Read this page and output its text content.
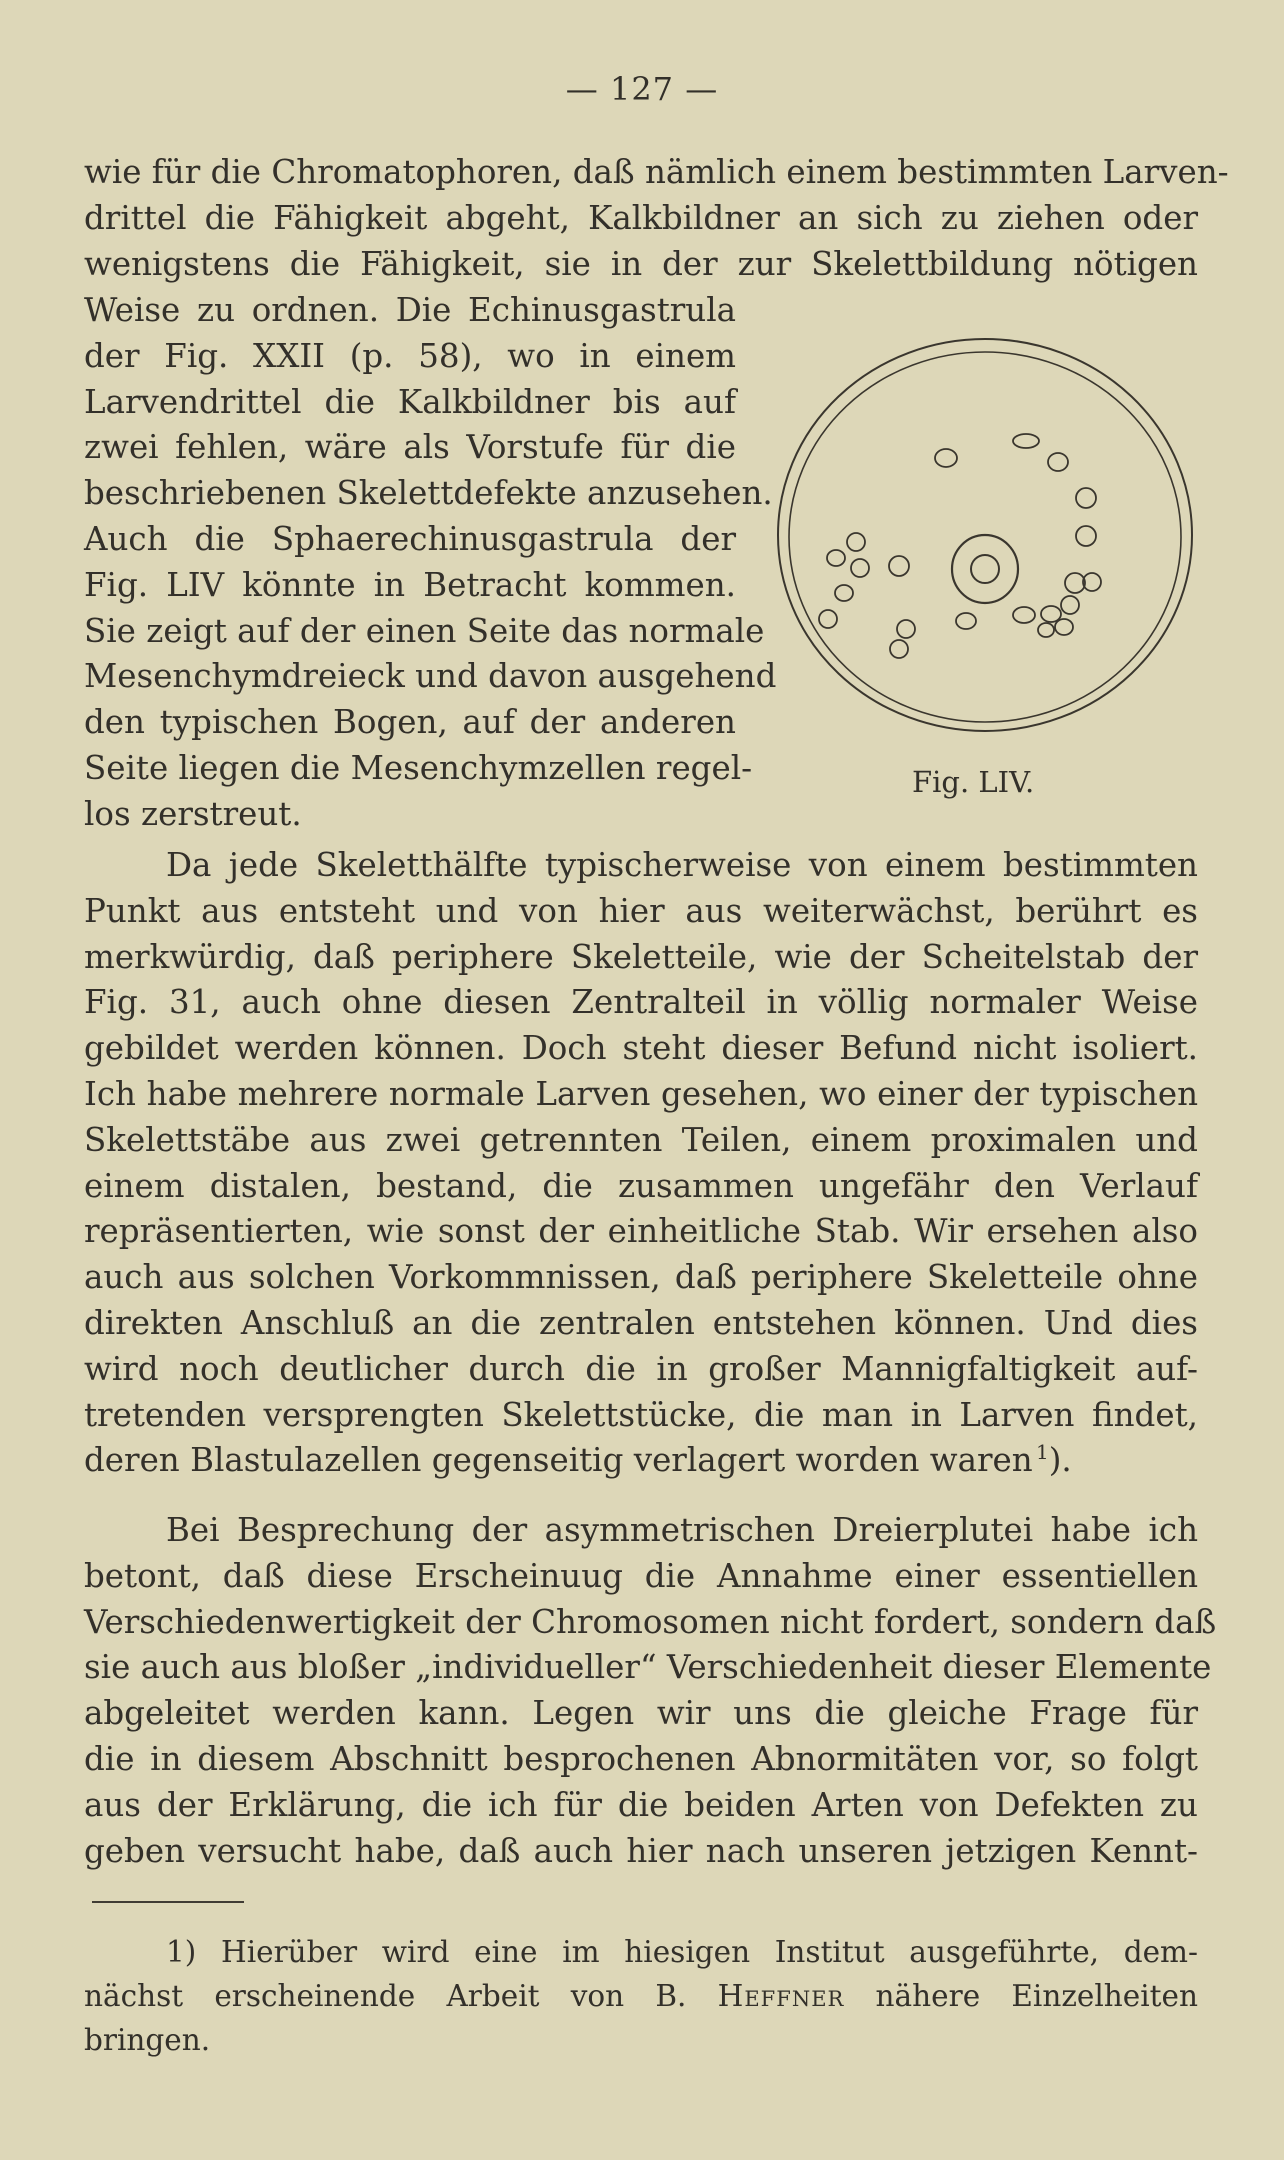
— 127 —
wie für die Chromatophoren, daß nämlich einem bestimmten Larven-
drittel die Fähigkeit abgeht, Kalkbildner an sich zu ziehen oder
wenigstens die Fähigkeit, sie in der zur Skelettbildung nötigen
Weise zu ordnen. Die Echinusgastrula
der Fig. XXII (p. 58), wo in einem
Larvendrittel die Kalkbildner bis auf
zwei fehlen, wäre als Vorstufe für die
beschriebenen Skelettdefekte anzusehen.
Auch die Sphaerechinusgastrula der
Fig. LIV könnte in Betracht kommen.
Sie zeigt auf der einen Seite das normale
Mesenchymdreieck und davon ausgehend
den typischen Bogen, auf der anderen
Seite liegen die Mesenchymzellen regel-
los zerstreut.
Fig. LIV.
Da jede Skeletthälfte typischerweise von einem bestimmten
Punkt aus entsteht und von hier aus weiterwächst, berührt es
merkwürdig, daß periphere Skeletteile, wie der Scheitelstab der
Fig. 31, auch ohne diesen Zentralteil in völlig normaler Weise
gebildet werden können. Doch steht dieser Befund nicht isoliert.
Ich habe mehrere normale Larven gesehen, wo einer der typischen
Skelettstäbe aus zwei getrennten Teilen, einem proximalen und
einem distalen, bestand, die zusammen ungefähr den Verlauf
repräsentierten, wie sonst der einheitliche Stab. Wir ersehen also
auch aus solchen Vorkommnissen, daß periphere Skeletteile ohne
direkten Anschluß an die zentralen entstehen können. Und dies
wird noch deutlicher durch die in großer Mannigfaltigkeit auf-
tretenden versprengten Skelettstücke, die man in Larven findet,
deren Blastulazellen gegenseitig verlagert worden waren  $^1$).
Bei Besprechung der asymmetrischen Dreierplutei habe ich
betont, daß diese Erscheinuug die Annahme einer essentiellen
Verschiedenwertigkeit der Chromosomen nicht fordert, sondern daß
sie auch aus bloßer „individueller“ Verschiedenheit dieser Elemente
abgeleitet werden kann. Legen wir uns die gleiche Frage für
die in diesem Abschnitt besprochenen Abnormitäten vor, so folgt
aus der Erklärung, die ich für die beiden Arten von Defekten zu
geben versucht habe, daß auch hier nach unseren jetzigen Kennt-
1) Hierüber wird eine im hiesigen Institut ausgeführte, dem-
nächst erscheinende Arbeit von B. Heffner nähere Einzelheiten
bringen.
